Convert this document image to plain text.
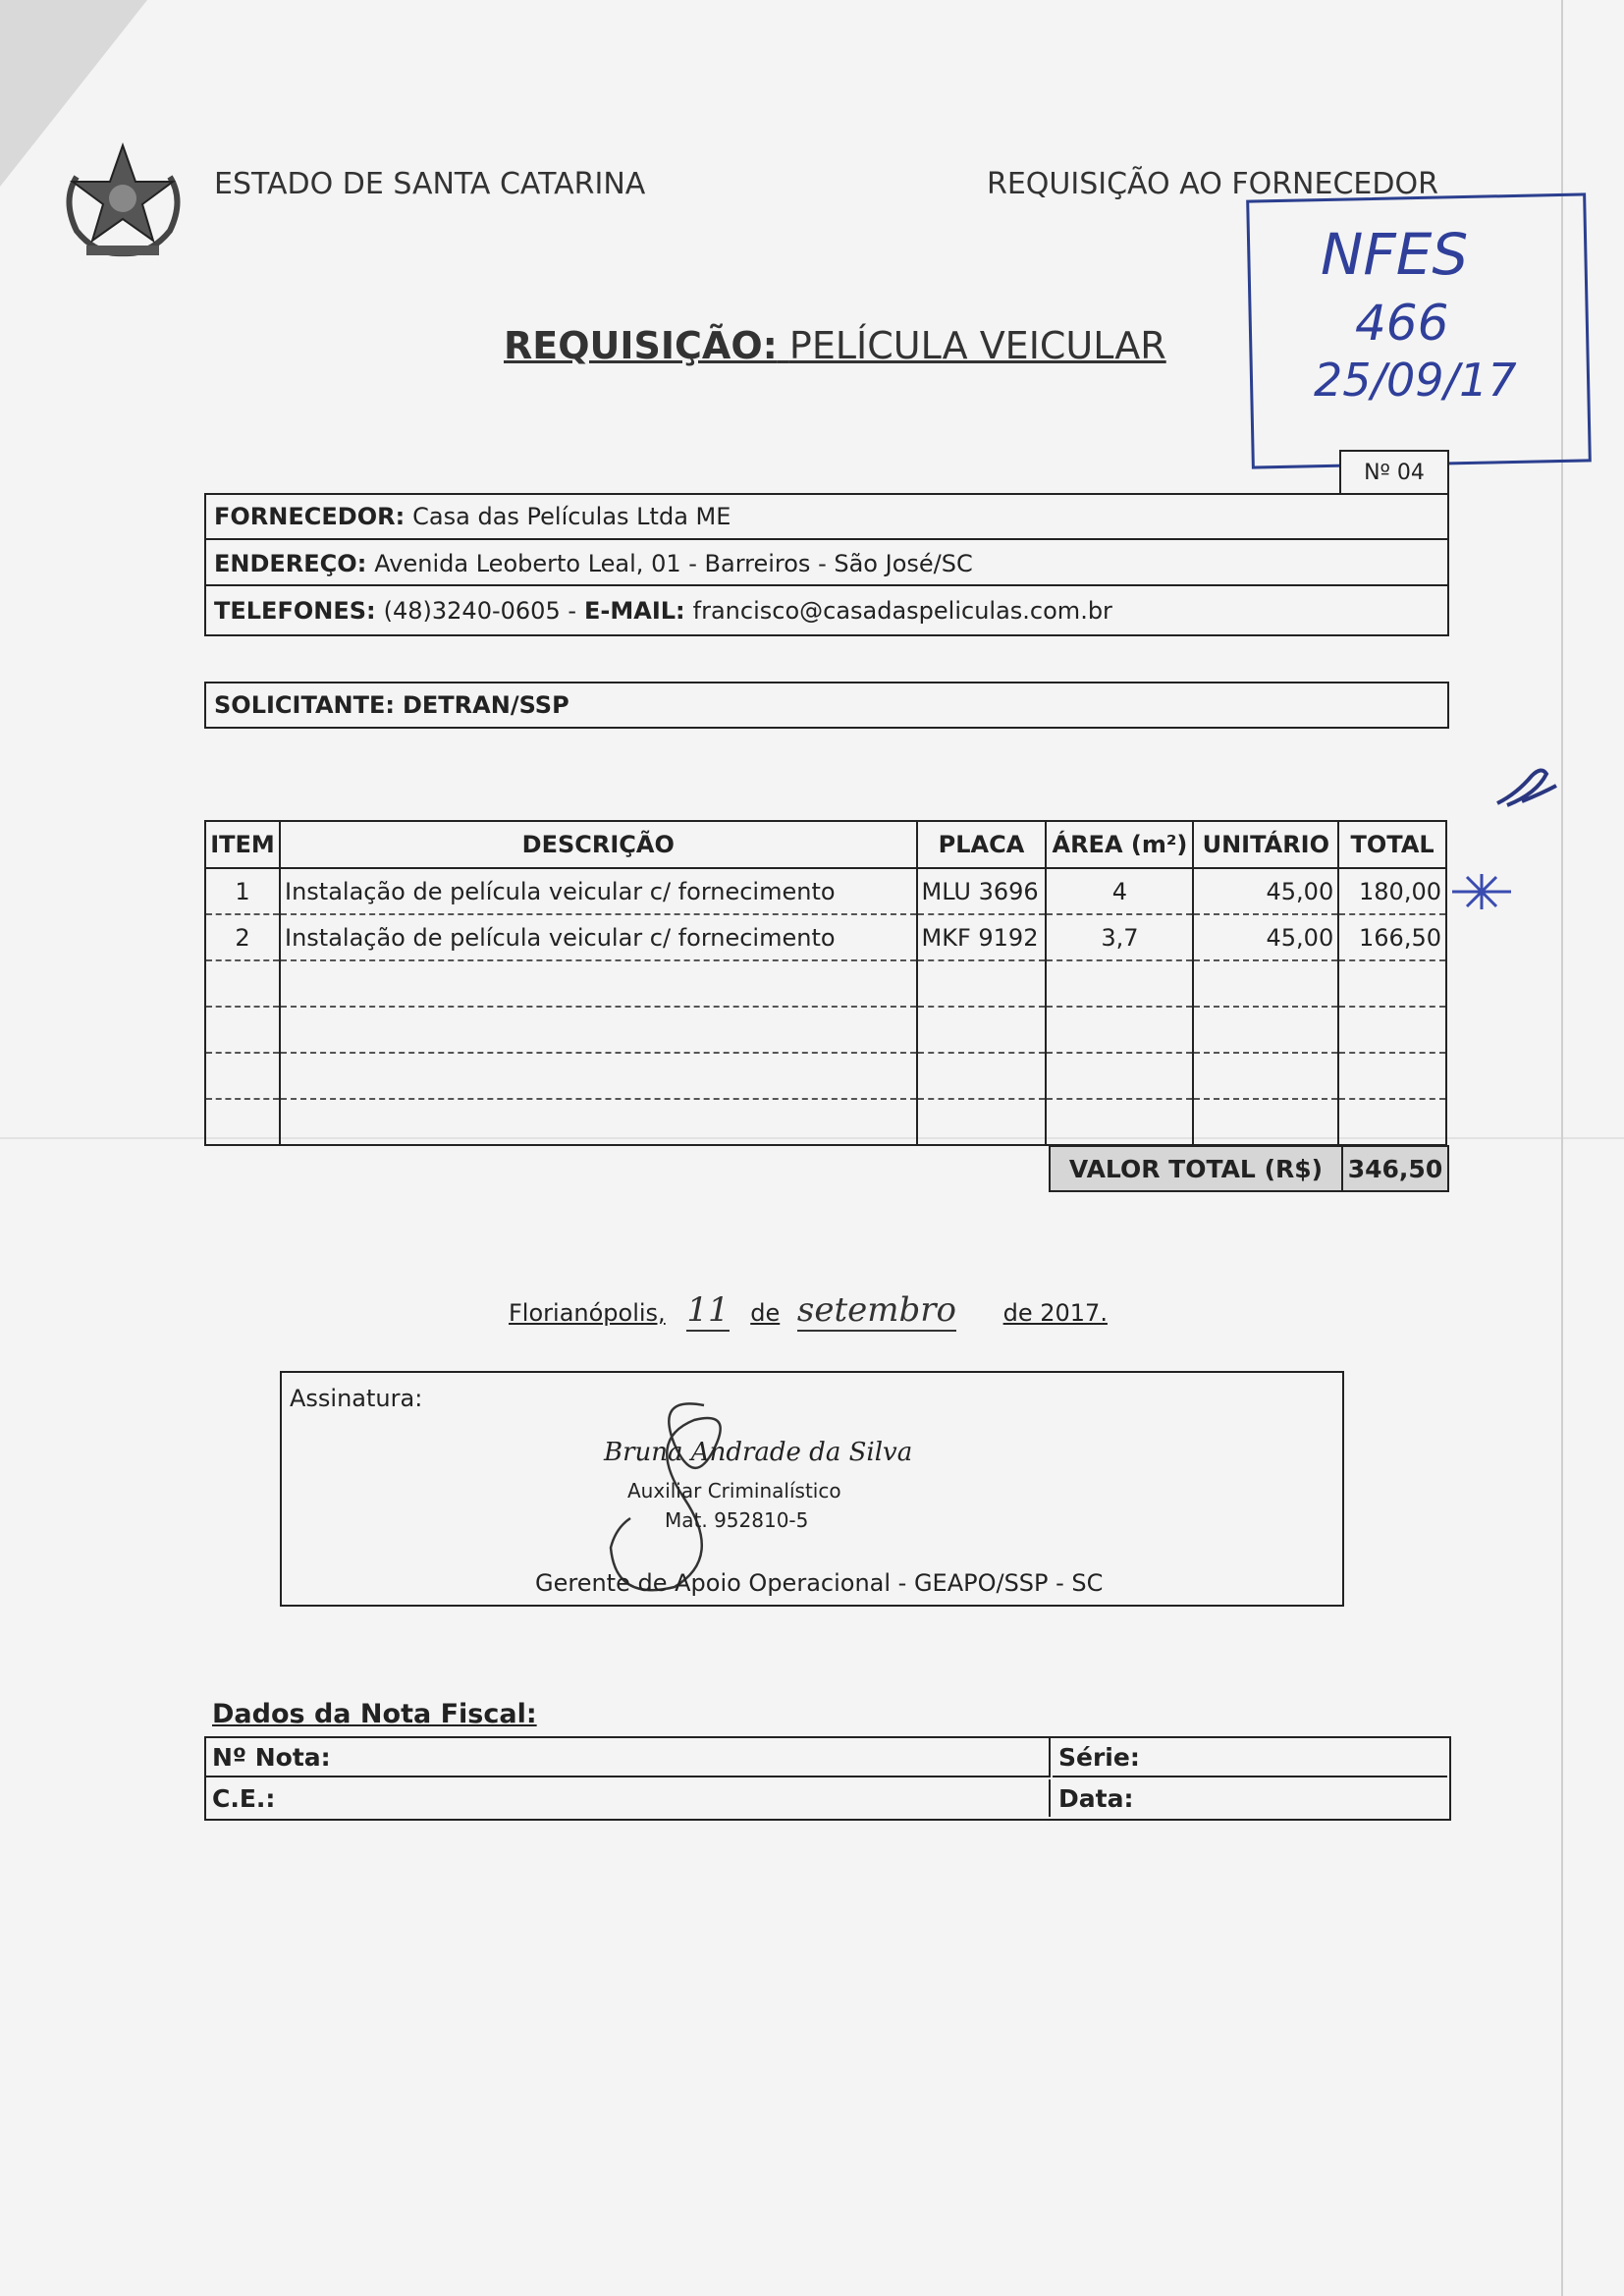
ESTADO DE SANTA CATARINA	REQUISIÇÃO AO FORNECEDOR
REQUISIÇÃO: PELÍCULA VEICULAR
NFES
466
25/09/17
Nº 04
FORNECEDOR: Casa das Películas Ltda ME
ENDEREÇO: Avenida Leoberto Leal, 01 - Barreiros - São José/SC
TELEFONES: (48)3240-0605 - E-MAIL: francisco@casadaspeliculas.com.br
SOLICITANTE: DETRAN/SSP
ITEM	DESCRIÇÃO	PLACA	ÁREA (m²)	UNITÁRIO	TOTAL
1	Instalação de película veicular c/ fornecimento	MLU 3696	4	45,00	180,00
2	Instalação de película veicular c/ fornecimento	MKF 9192	3,7	45,00	166,50

VALOR TOTAL (R$)	346,50
Florianópolis, 11 de setembro de 2017.
Assinatura:
Bruna Andrade da Silva
Auxiliar Criminalístico
Mat. 952810-5
Gerente de Apoio Operacional - GEAPO/SSP - SC
Dados da Nota Fiscal:
Nº Nota:	Série:
C.E.:	Data:
